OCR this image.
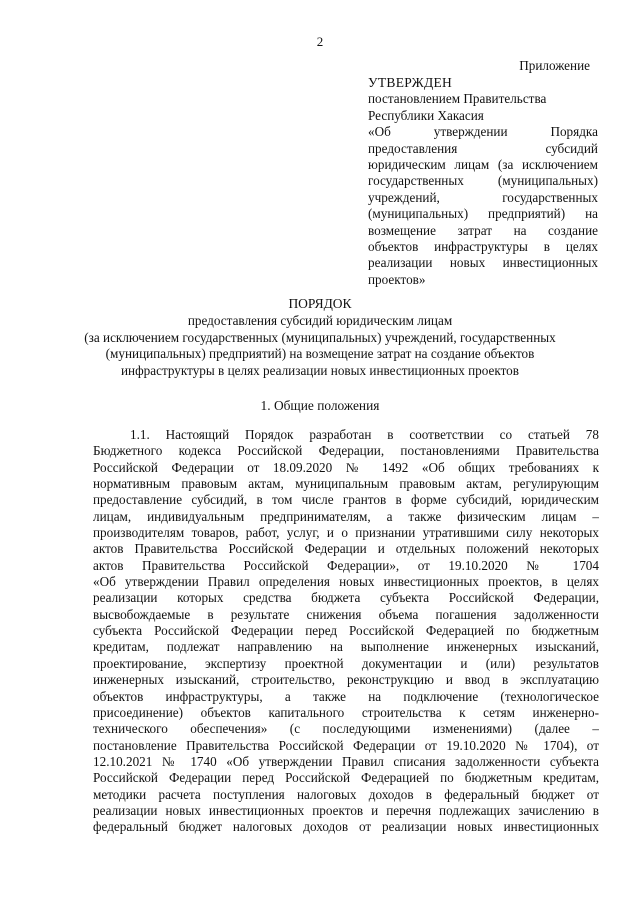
2
Приложение
УТВЕРЖДЕН
постановлением Правительства
Республики Хакасия
«Об утверждении Порядка
предоставления субсидий
юридическим лицам (за исключением
государственных (муниципальных)
учреждений, государственных
(муниципальных) предприятий) на
возмещение затрат на создание
объектов инфраструктуры в целях
реализации новых инвестиционных
проектов»
ПОРЯДОК
предоставления субсидий юридическим лицам
(за исключением государственных (муниципальных) учреждений, государственных
(муниципальных) предприятий) на возмещение затрат на создание объектов
инфраструктуры в целях реализации новых инвестиционных проектов
1. Общие положения
1.1. Настоящий Порядок разработан в соответствии со статьей 78
Бюджетного кодекса Российской Федерации, постановлениями Правительства
Российской Федерации от 18.09.2020 № 1492 «Об общих требованиях к
нормативным правовым актам, муниципальным правовым актам, регулирующим
предоставление субсидий, в том числе грантов в форме субсидий, юридическим
лицам, индивидуальным предпринимателям, а также физическим лицам –
производителям товаров, работ, услуг, и о признании утратившими силу некоторых
актов Правительства Российской Федерации и отдельных положений некоторых
актов Правительства Российской Федерации», от 19.10.2020 № 1704
«Об утверждении Правил определения новых инвестиционных проектов, в целях
реализации которых средства бюджета субъекта Российской Федерации,
высвобождаемые в результате снижения объема погашения задолженности
субъекта Российской Федерации перед Российской Федерацией по бюджетным
кредитам, подлежат направлению на выполнение инженерных изысканий,
проектирование, экспертизу проектной документации и (или) результатов
инженерных изысканий, строительство, реконструкцию и ввод в эксплуатацию
объектов инфраструктуры, а также на подключение (технологическое
присоединение) объектов капитального строительства к сетям инженерно-
технического обеспечения» (с последующими изменениями) (далее –
постановление Правительства Российской Федерации от 19.10.2020 № 1704), от
12.10.2021 № 1740 «Об утверждении Правил списания задолженности субъекта
Российской Федерации перед Российской Федерацией по бюджетным кредитам,
методики расчета поступления налоговых доходов в федеральный бюджет от
реализации новых инвестиционных проектов и перечня подлежащих зачислению в
федеральный бюджет налоговых доходов от реализации новых инвестиционных
